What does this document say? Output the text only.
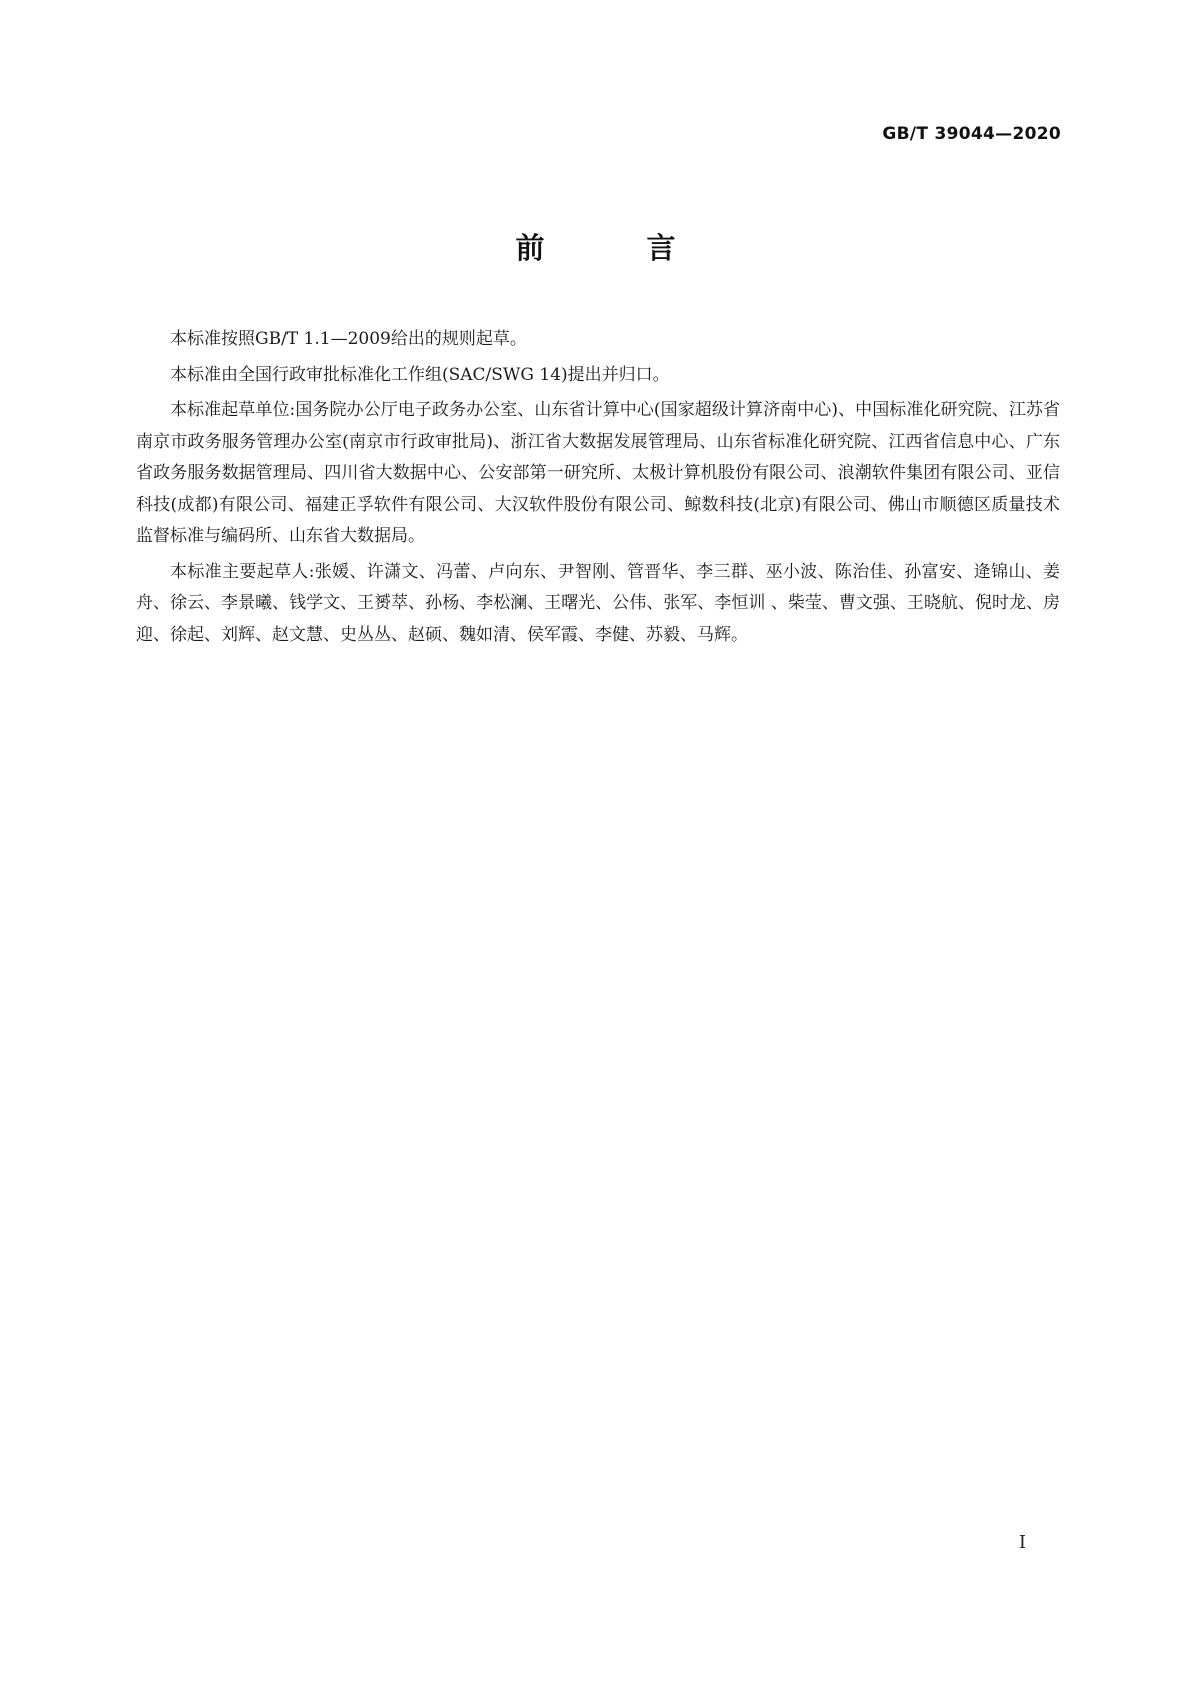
GB/T 39044—2020
前 言

本标准按照GB/T 1.1—2009给出的规则起草。

本标准由全国行政审批标准化工作组(SAC/SWG 14)提出并归口。

本标准起草单位:国务院办公厅电子政务办公室、山东省计算中心(国家超级计算济南中心)、中国标准化研究院、江苏省南京市政务服务管理办公室(南京市行政审批局)、浙江省大数据发展管理局、山东省标准化研究院、江西省信息中心、广东省政务服务数据管理局、四川省大数据中心、公安部第一研究所、太极计算机股份有限公司、浪潮软件集团有限公司、亚信科技(成都)有限公司、福建正孚软件有限公司、大汉软件股份有限公司、鲸数科技(北京)有限公司、佛山市顺德区质量技术监督标准与编码所、山东省大数据局。

本标准主要起草人:张媛、许潇文、冯蕾、卢向东、尹智刚、管晋华、李三群、巫小波、陈治佳、孙富安、逄锦山、姜舟、徐云、李景曦、钱学文、王赟萃、孙杨、李松澜、王曙光、公伟、张军、李恒训 、柴莹、曹文强、王晓航、倪时龙、房迎、徐起、刘辉、赵文慧、史丛丛、赵硕、魏如清、侯军霞、李健、苏毅、马辉。

I
